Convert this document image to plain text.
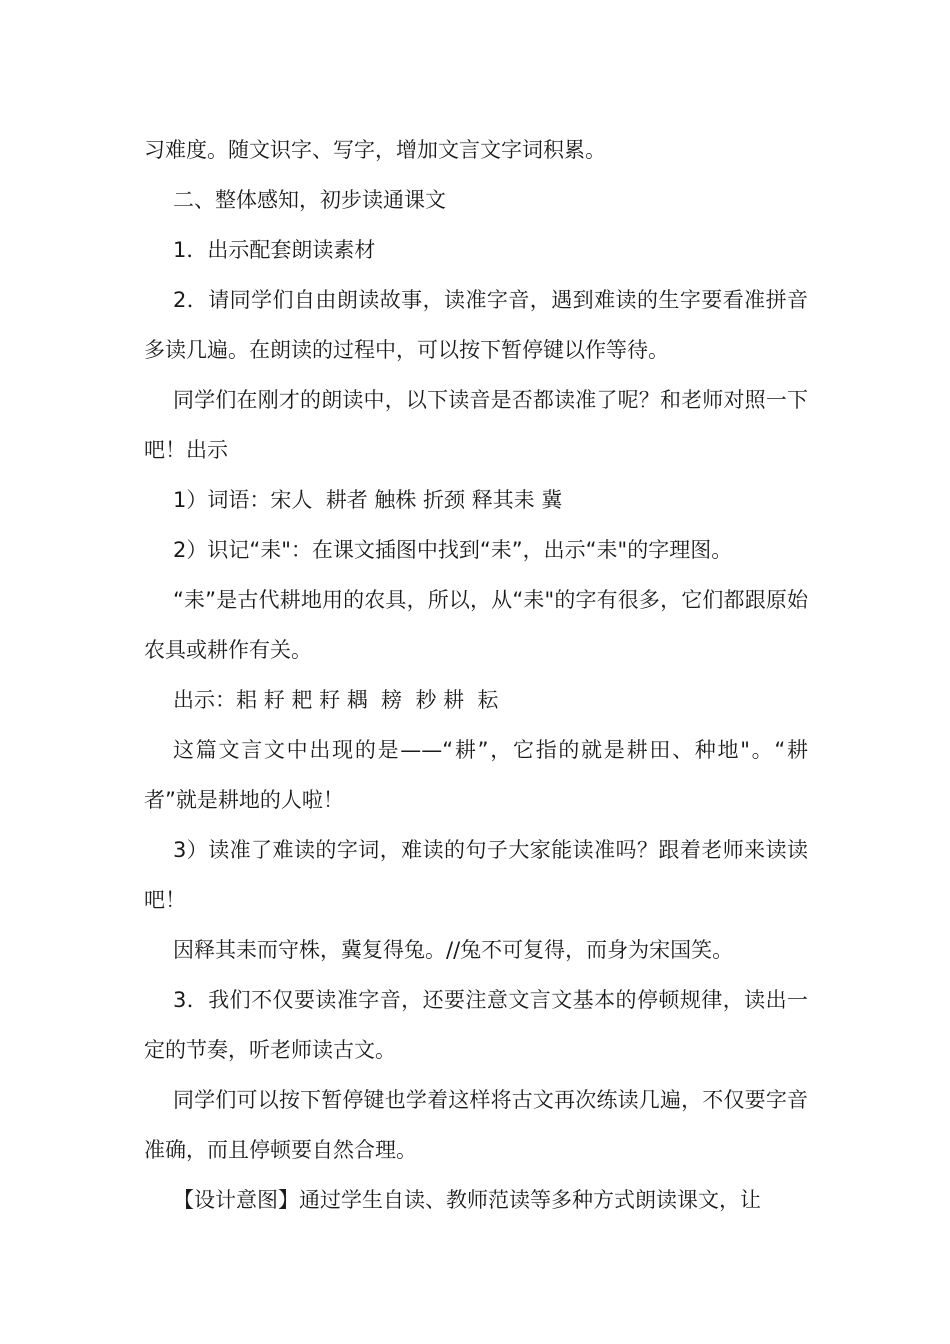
习难度。随文识字、写字，增加文言文字词积累。

二、整体感知，初步读通课文

1．出示配套朗读素材

2．请同学们自由朗读故事，读准字音，遇到难读的生字要看准拼音多读几遍。在朗读的过程中，可以按下暂停键以作等待。

同学们在刚才的朗读中，以下读音是否都读准了呢？和老师对照一下吧！出示

1）词语：宋人  耕者 触株 折颈 释其耒 冀

2）识记“耒"：在课文插图中找到“耒”，出示“耒"的字理图。

“耒”是古代耕地用的农具，所以，从“耒"的字有很多，它们都跟原始农具或耕作有关。

出示：耜 耔 耙 耔 耦  耪  耖 耕  耘

这篇文言文中出现的是——“耕”，它指的就是耕田、种地"。“耕者”就是耕地的人啦！

3）读准了难读的字词，难读的句子大家能读准吗？跟着老师来读读吧！

因释其耒而守株，冀复得兔。//兔不可复得，而身为宋国笑。

3．我们不仅要读准字音，还要注意文言文基本的停顿规律，读出一定的节奏，听老师读古文。

同学们可以按下暂停键也学着这样将古文再次练读几遍，不仅要字音准确，而且停顿要自然合理。

【设计意图】通过学生自读、教师范读等多种方式朗读课文，让
